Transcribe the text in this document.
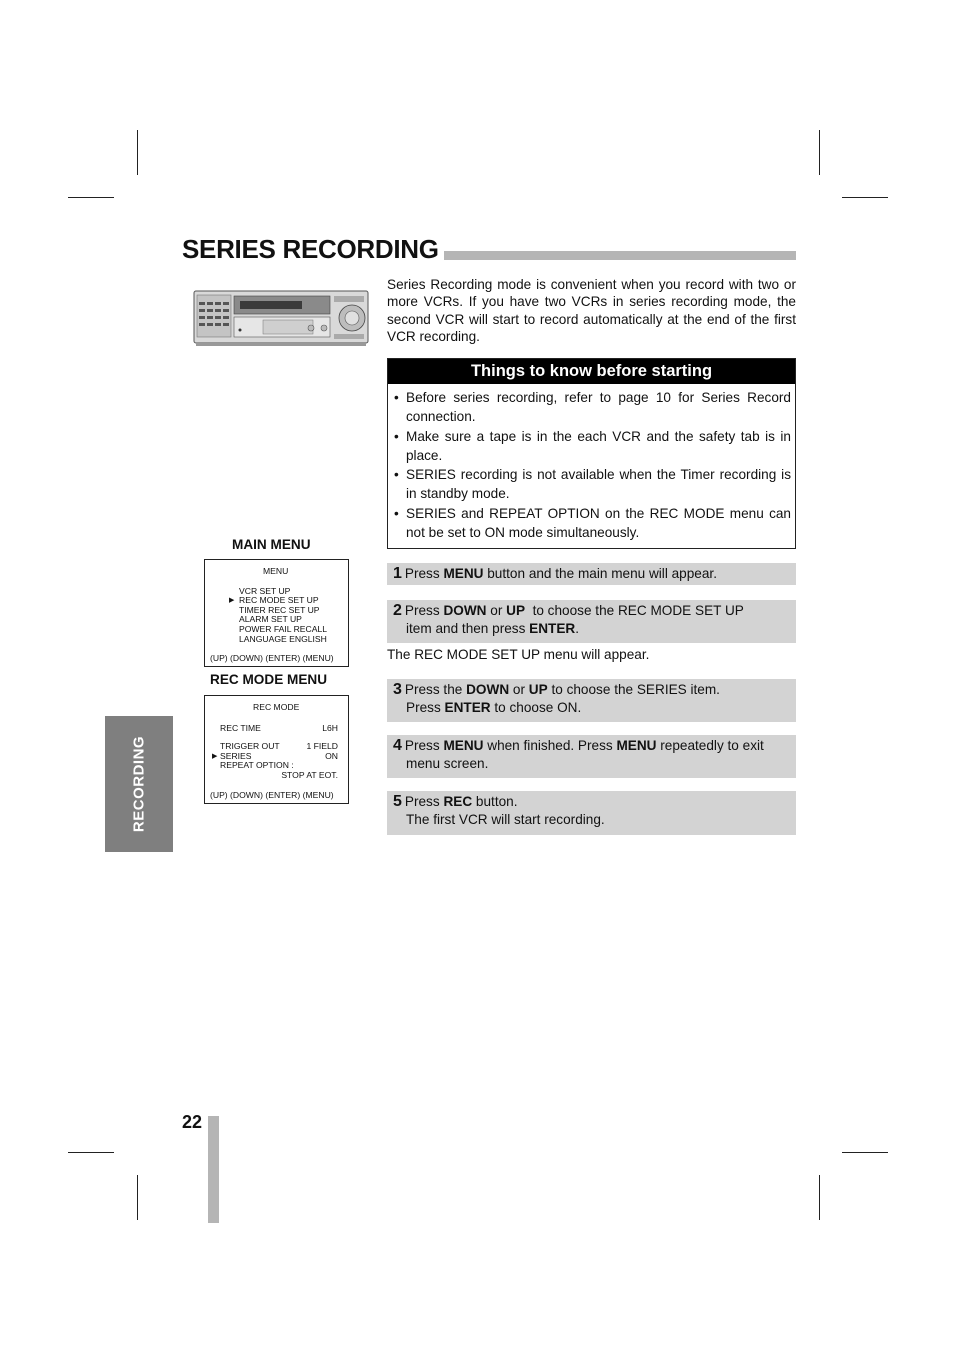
SERIES RECORDING
Series Recording mode is convenient when you record with two or more VCRs. If you have two VCRs in series recording mode, the second VCR will start to record automatically at the end of the first VCR recording.
Things to know before starting
• Before series recording, refer to page 10 for Series Record connection.
• Make sure a tape is in the each VCR and the safety tab is in place.
• SERIES recording is not available when the Timer recording is in standby mode.
• SERIES and REPEAT OPTION on the REC MODE menu can not be set to ON mode simultaneously.
1 Press MENU button and the main menu will appear.
2 Press DOWN or UP to choose the REC MODE SET UP
item and then press ENTER.
The REC MODE SET UP menu will appear.
3 Press the DOWN or UP to choose the SERIES item.
Press ENTER to choose ON.
4 Press MENU when finished. Press MENU repeatedly to exit
menu screen.
5 Press REC button.
The first VCR will start recording.
MAIN MENU
MENU
VCR SET UP
▶ REC MODE SET UP
TIMER REC SET UP
ALARM SET UP
POWER FAIL RECALL
LANGUAGE ENGLISH
(UP) (DOWN) (ENTER) (MENU)
REC MODE MENU
REC MODE
REC TIME	L6H
TRIGGER OUT	1 FIELD
▶ SERIES	ON
REPEAT OPTION :
STOP AT EOT.
(UP) (DOWN) (ENTER) (MENU)
RECORDING
22
